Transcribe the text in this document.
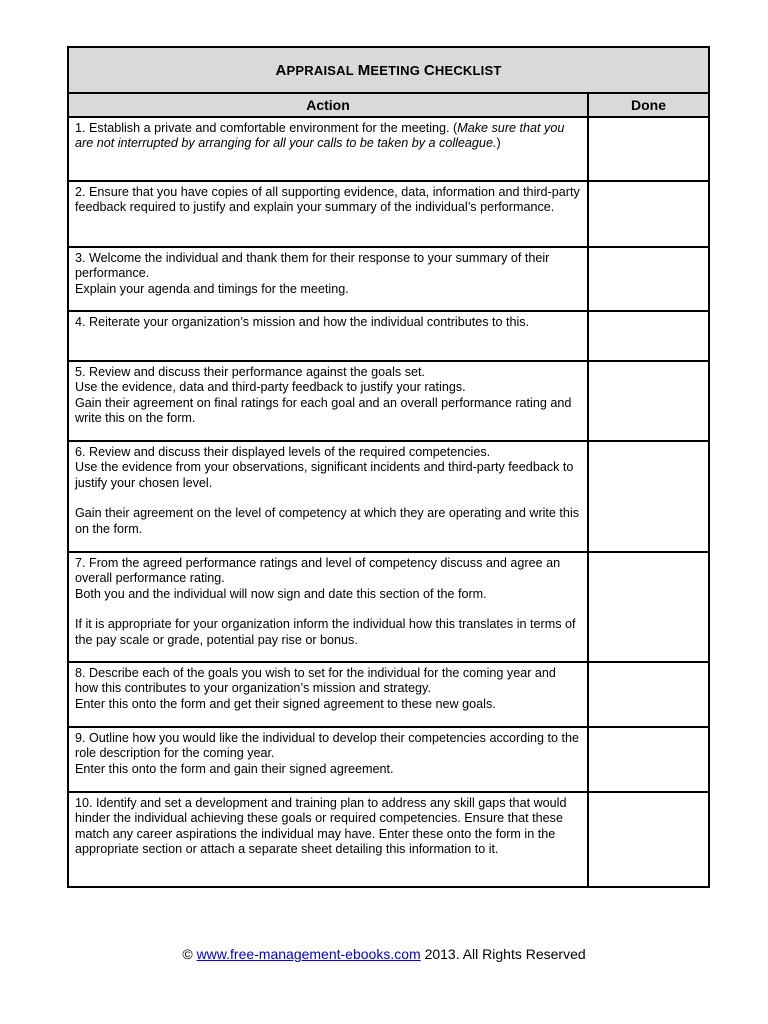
APPRAISAL
MEETING
CHECKLIST
Action	Done

1. Establish a private and comfortable environment for the meeting. (Make sure that you are not interrupted by arranging for all your calls to be taken by a colleague.)	

2. Ensure that you have copies of all supporting evidence, data, information and third-party feedback required to justify and explain your summary of the individual’s performance.	

3. Welcome the individual and thank them for their response to your summary of their performance.
Explain your agenda and timings for the meeting.	

4. Reiterate your organization’s mission and how the individual contributes to this.	

5. Review and discuss their performance against the goals set.
Use the evidence, data and third-party feedback to justify your ratings.
Gain their agreement on final ratings for each goal and an overall performance rating and write this on the form.	

6. Review and discuss their displayed levels of the required competencies.
Use the evidence from your observations, significant incidents and third-party feedback to justify your chosen level.
Gain their agreement on the level of competency at which they are operating and write this on the form.	

7. From the agreed performance ratings and level of competency discuss and agree an overall performance rating.
Both you and the individual will now sign and date this section of the form.
If it is appropriate for your organization inform the individual how this translates in terms of the pay scale or grade, potential pay rise or bonus.	

8. Describe each of the goals you wish to set for the individual for the coming year and how this contributes to your organization’s mission and strategy.
Enter this onto the form and get their signed agreement to these new goals.	

9. Outline how you would like the individual to develop their competencies according to the role description for the coming year.
Enter this onto the form and gain their signed agreement.	

10. Identify and set a development and training plan to address any skill gaps that would hinder the individual achieving these goals or required competencies. Ensure that these match any career aspirations the individual may have. Enter these onto the form in the appropriate section or attach a separate sheet detailing this information to it.	

© www.free-management-ebooks.com 2013. All Rights Reserved
